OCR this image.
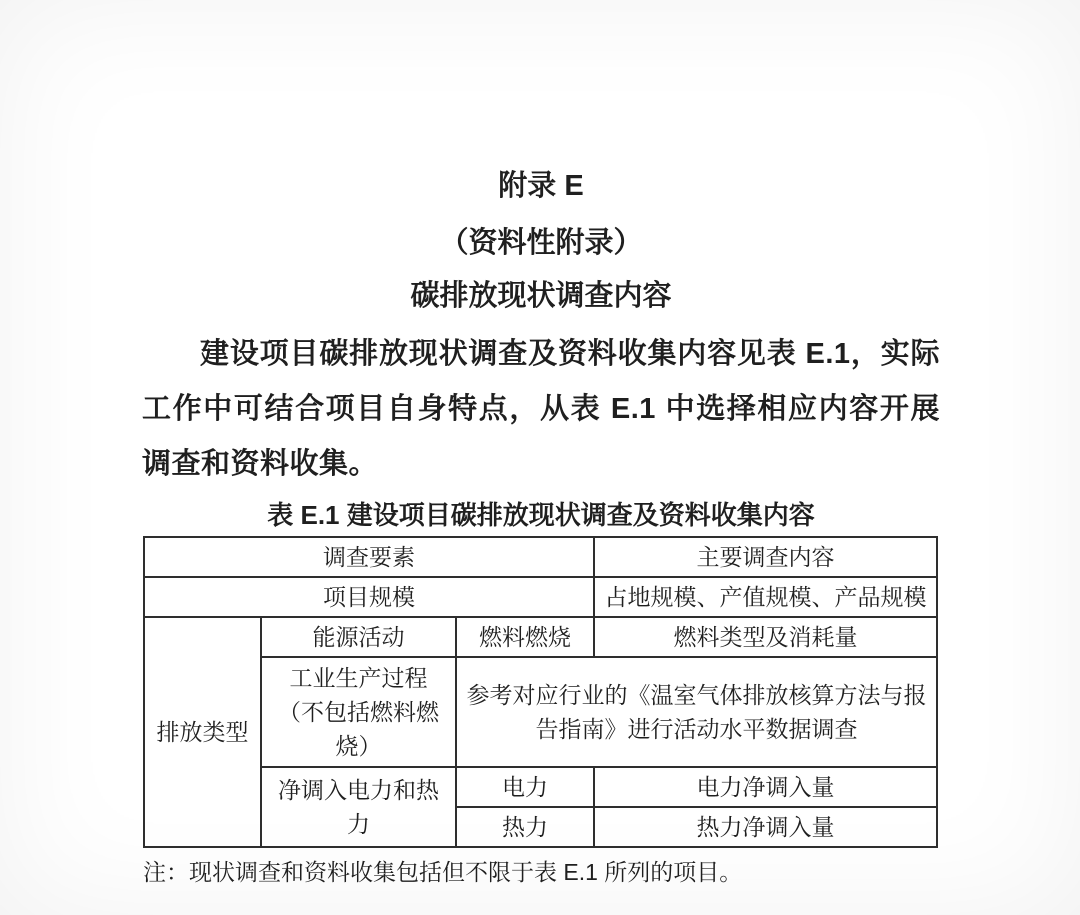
附录 E
（资料性附录）
碳排放现状调查内容

建设项目碳排放现状调查及资料收集内容见表 E.1，实际工作中可结合项目自身特点，从表 E.1 中选择相应内容开展调查和资料收集。

表 E.1 建设项目碳排放现状调查及资料收集内容
调查要素			主要调查内容
项目规模			占地规模、产值规模、产品规模
排放类型	能源活动	燃料燃烧	燃料类型及消耗量
	工业生产过程（不包括燃料燃烧）	参考对应行业的《温室气体排放核算方法与报告指南》进行活动水平数据调查	
	净调入电力和热力	电力	电力净调入量
		热力	热力净调入量

注：现状调查和资料收集包括但不限于表 E.1 所列的项目。
